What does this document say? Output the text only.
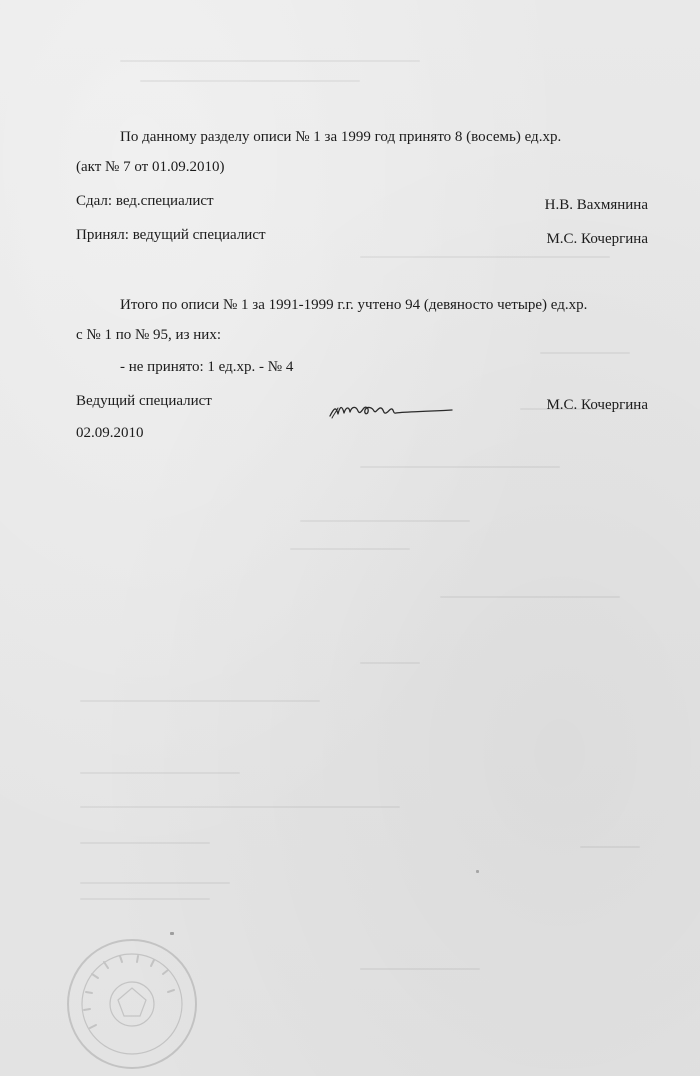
По данному разделу описи № 1 за 1999 год принято 8 (восемь) ед.хр.
(акт № 7 от 01.09.2010)
Сдал: вед.специалист	Н.В. Вахмянина
Принял: ведущий специалист	М.С. Кочергина
Итого по описи № 1 за 1991-1999 г.г. учтено 94 (девяносто четыре) ед.хр.
с № 1 по № 95, из них:
- не принято: 1 ед.хр. - № 4
Ведущий специалист	М.С. Кочергина
02.09.2010
